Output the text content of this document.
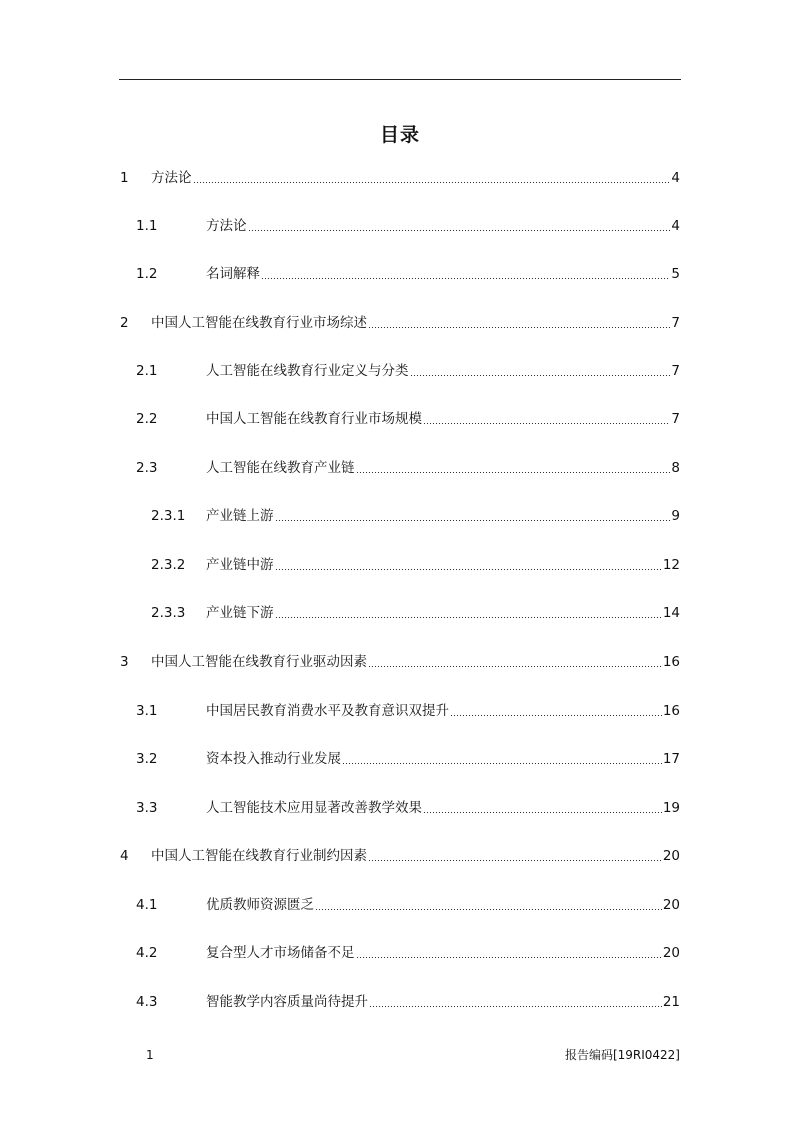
目录
1	方法论	4
1.1	方法论	4
1.2	名词解释	5
2	中国人工智能在线教育行业市场综述	7
2.1	人工智能在线教育行业定义与分类	7
2.2	中国人工智能在线教育行业市场规模	7
2.3	人工智能在线教育产业链	8
2.3.1	产业链上游	9
2.3.2	产业链中游	12
2.3.3	产业链下游	14
3	中国人工智能在线教育行业驱动因素	16
3.1	中国居民教育消费水平及教育意识双提升	16
3.2	资本投入推动行业发展	17
3.3	人工智能技术应用显著改善教学效果	19
4	中国人工智能在线教育行业制约因素	20
4.1	优质教师资源匮乏	20
4.2	复合型人才市场储备不足	20
4.3	智能教学内容质量尚待提升	21
1	报告编码[19RI0422]
